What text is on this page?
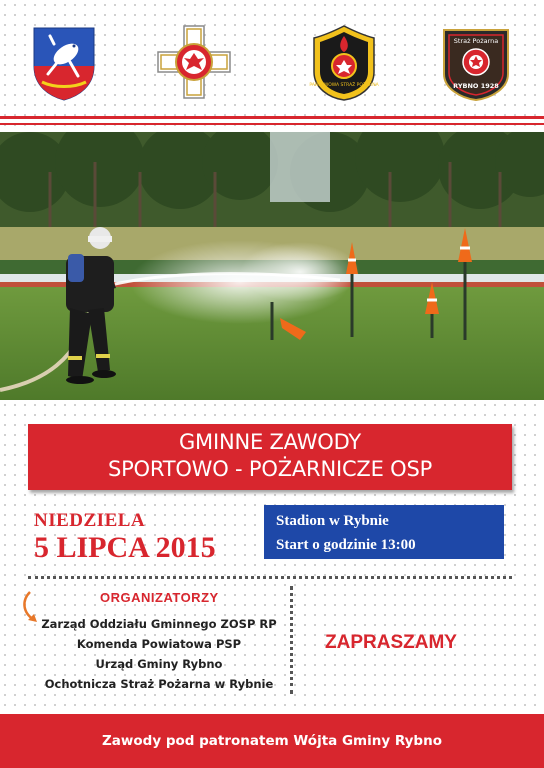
PAŃSTWOWA STRAŻ POŻARNA
Straż Pożarna
RYBNO 1928
GMINNE ZAWODY
SPORTOWO - POŻARNICZE OSP
NIEDZIELA
5 LIPCA 2015
Stadion w Rybnie
Start o godzinie 13:00
ORGANIZATORZY
Zarząd Oddziału Gminnego ZOSP RP
Komenda Powiatowa PSP
Urząd Gminy Rybno
Ochotnicza Straż Pożarna w Rybnie
ZAPRASZAMY
Zawody pod patronatem Wójta Gminy Rybno
